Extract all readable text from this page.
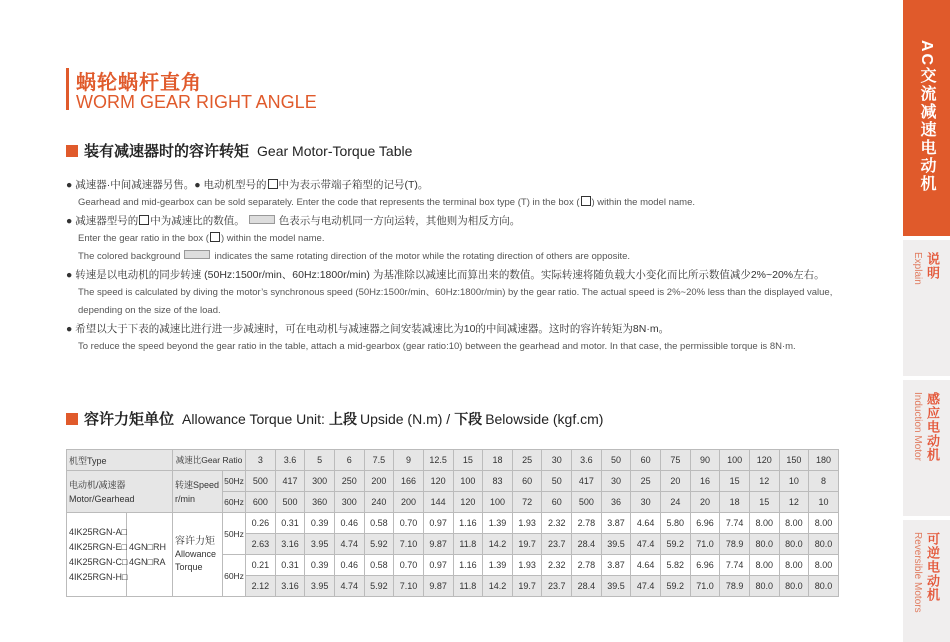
蜗轮蜗杆直角
WORM GEAR RIGHT ANGLE
装有减速器时的容许转矩 Gear Motor-Torque Table

● 减速器·中间减速器另售。● 电动机型号的 中为表示带端子箱型的记号(T)。

Gearhead and mid-gearbox can be sold separately. Enter the code that represents the terminal box type (T) in the box ( ) within the model name.

● 减速器型号的 中为减速比的数值。	色表示与电动机同一方向运转，其他则为相反方向。

Enter the gear ratio in the box ( ) within the model name.

The colored background	indicates the same rotating direction of the motor while the rotating direction of others are opposite.

● 转速是以电动机的同步转速 (50Hz:1500r/min、60Hz:1800r/min) 为基准除以减速比而算出来的数值。实际转速将随负载大小变化而比所示数值减少2%~20%左右。

The speed is calculated by diving the motor’s synchronous speed (50Hz:1500r/min、60Hz:1800r/min) by the gear ratio. The actual speed is 2%~20% less than the displayed value,

depending on the size of the load.

● 希望以大于下表的减速比进行进一步减速时，可在电动机与减速器之间安装减速比为10的中间减速器。这时的容许转矩为8N·m。

To reduce the speed beyond the gear ratio in the table, attach a mid-gearbox (gear ratio:10) between the gearhead and motor. In that case, the permissible torque is 8N·m.

容许力矩单位 Allowance Torque Unit: 上段 Upside (N.m) / 下段 Belowside (kgf.cm)
机型Type		减速比Gear Ratio		3	3.6	5	6	7.5	9	12.5	15	18	25	30	3.6	50	60	75	90	100	120	150	180
电动机/减速器
Motor/Gearhead		转速Speed
r/min	50Hz	500	417	300	250	200	166	120	100	83	60	50	417	30	25	20	16	15	12	10	8
			60Hz	600	500	360	300	240	200	144	120	100	72	60	500	36	30	24	20	18	15	12	10
4IK25RGN-A□
4IK25RGN-E□
4IK25RGN-C□
4IK25RGN-H□	4GN□RH
4GN□RA	容许力矩
Allowance
Torque	50Hz	0.26	0.31	0.39	0.46	0.58	0.70	0.97	1.16	1.39	1.93	2.32	2.78	3.87	4.64	5.80	6.96	7.74	8.00	8.00	8.00
				2.63	3.16	3.95	4.74	5.92	7.10	9.87	11.8	14.2	19.7	23.7	28.4	39.5	47.4	59.2	71.0	78.9	80.0	80.0	80.0
			60Hz	0.21	0.31	0.39	0.46	0.58	0.70	0.97	1.16	1.39	1.93	2.32	2.78	3.87	4.64	5.82	6.96	7.74	8.00	8.00	8.00
				2.12	3.16	3.95	4.74	5.92	7.10	9.87	11.8	14.2	19.7	23.7	28.4	39.5	47.4	59.2	71.0	78.9	80.0	80.0	80.0
AC交流减速电动机
Explain 说明
Induction Motor 感应电动机
Reversible Motors 可逆电动机
